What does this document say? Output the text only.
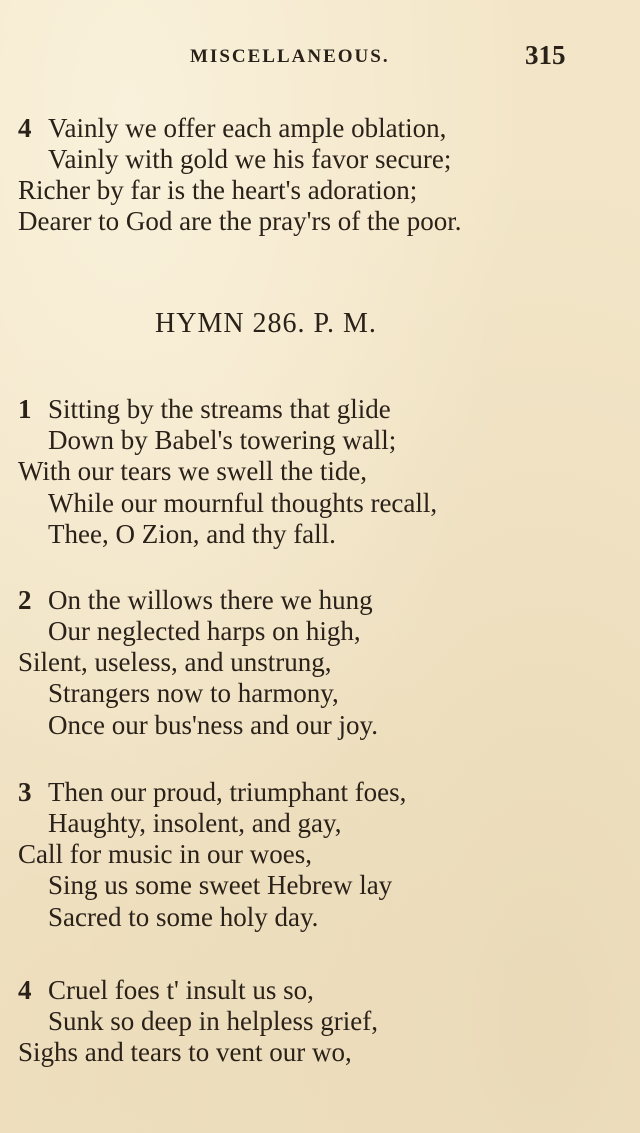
MISCELLANEOUS.	315
4 Vainly we offer each ample oblation,
Vainly with gold we his favor secure;
Richer by far is the heart's adoration;
Dearer to God are the pray'rs of the poor.
HYMN 286. P. M.
1 Sitting by the streams that glide
Down by Babel's towering wall;
With our tears we swell the tide,
While our mournful thoughts recall,
Thee, O Zion, and thy fall.
2 On the willows there we hung
Our neglected harps on high,
Silent, useless, and unstrung,
Strangers now to harmony,
Once our bus'ness and our joy.
3 Then our proud, triumphant foes,
Haughty, insolent, and gay,
Call for music in our woes,
Sing us some sweet Hebrew lay
Sacred to some holy day.
4 Cruel foes t' insult us so,
Sunk so deep in helpless grief,
Sighs and tears to vent our wo,
